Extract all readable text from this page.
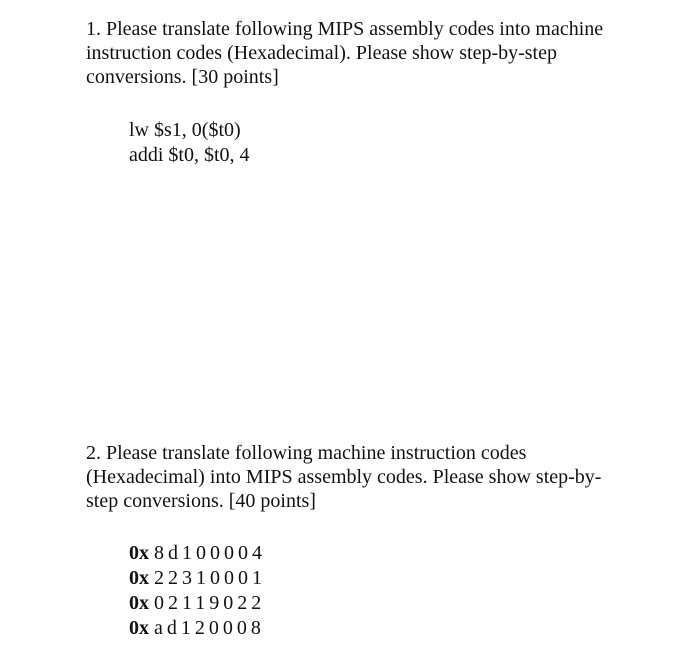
1. Please translate following MIPS assembly codes into machine
instruction codes (Hexadecimal). Please show step-by-step
conversions. [30 points]
lw $s1, 0($t0)
addi $t0, $t0, 4
2. Please translate following machine instruction codes
(Hexadecimal) into MIPS assembly codes. Please show step-by-
step conversions. [40 points]
0x 8d100004
0x 22310001
0x 02119022
0x ad120008
